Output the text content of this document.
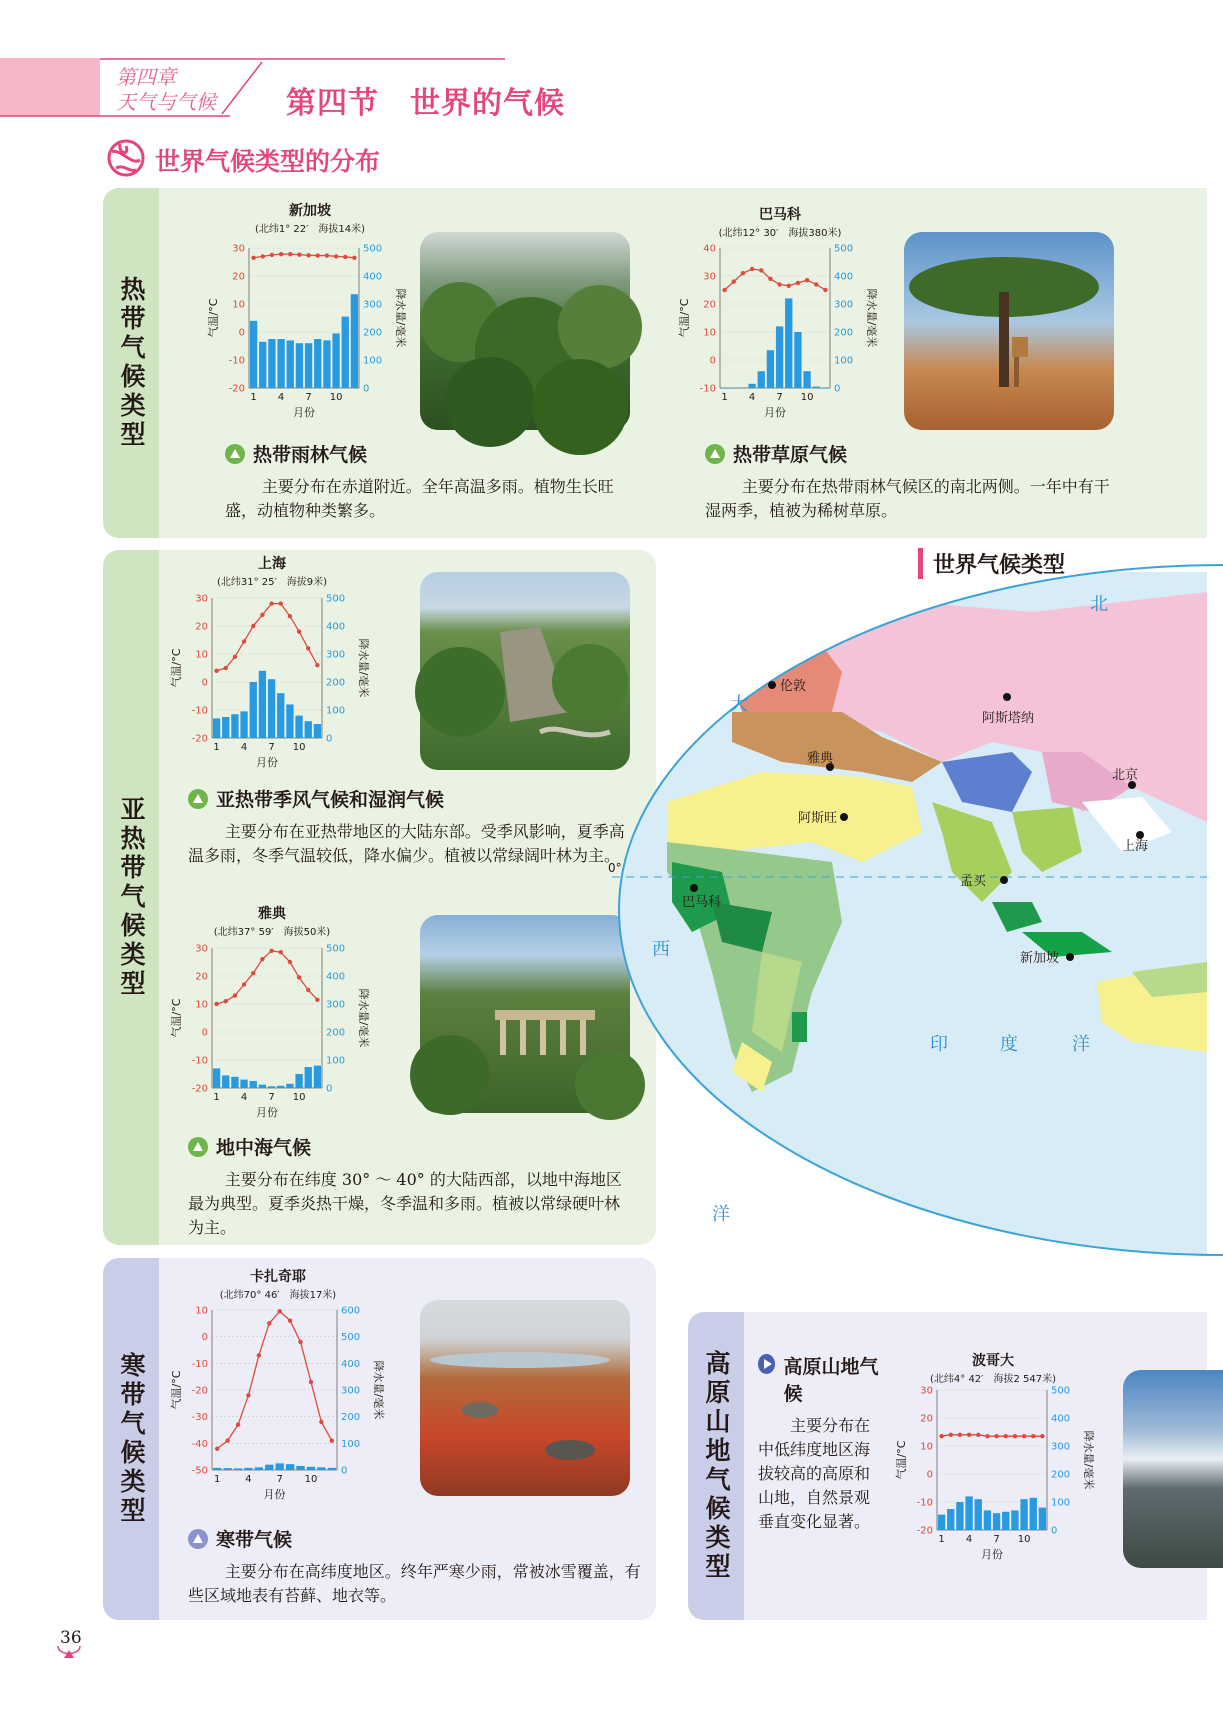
第四章
天气与气候 第四节　世界的气候
世界气候类型的分布
热带气候类型
亚热带气候类型
寒带气候类型	高原山地气候类型
新加坡
(北纬1° 22′　海拔14米)
巴马科
(北纬12° 30′　海拔380米)
上海
(北纬31° 25′　海拔9米)
雅典
(北纬37° 59′　海拔50米)
卡扎奇耶
(北纬70° 46′　海拔17米)
波哥大
(北纬4° 42′　海拔2 547米)
30
20
10
0
-10
-20
500
400
300
200
100
0
1 4 7 10
月份
气温/°C	降水量/毫米
40
30
20
10
0
-10
500
400
300
200
100
0
1 4 7 10
月份
气温/°C	降水量/毫米
30
20
10
0
-10
-20
500
400
300
200
100
0
1 4 7 10
月份
气温/°C	降水量/毫米
30
20
10
0
-10
-20
500
400
300
200
100
0
1 4 7 10
月份
气温/°C	降水量/毫米
10
0
-10
-20
-30
-40
-50
600
500
400
300
200
100
0
1 4 7 10
月份
气温/°C	降水量/毫米	30
20
10
0
-10
-20
500
400
300
200
100
0
1 4 7 10
月份
气温/°C	降水量/毫米
热带雨林气候
主要分布在赤道附近。全年高温多雨。植物生长旺盛，动植物种类繁多。
热带草原气候
主要分布在热带雨林气候区的南北两侧。一年中有干湿两季，植被为稀树草原。
亚热带季风气候和湿润气候
主要分布在亚热带地区的大陆东部。受季风影响，夏季高温多雨，冬季气温较低，降水偏少。植被以常绿阔叶林为主。
地中海气候
主要分布在纬度 30° ～ 40° 的大陆西部，以地中海地区最为典型。夏季炎热干燥，冬季温和多雨。植被以常绿硬叶林为主。
寒带气候
主要分布在高纬度地区。终年严寒少雨，常被冰雪覆盖，有些区域地表有苔藓、地衣等。
高原山地气候
主要分布在中低纬度地区海拔较高的高原和山地，自然景观垂直变化显著。
世界气候类型
0°
伦敦
阿斯塔纳
北京
雅典
阿斯旺
上海
孟买
巴马科
新加坡
大
西
洋
印	度	洋
北
36
